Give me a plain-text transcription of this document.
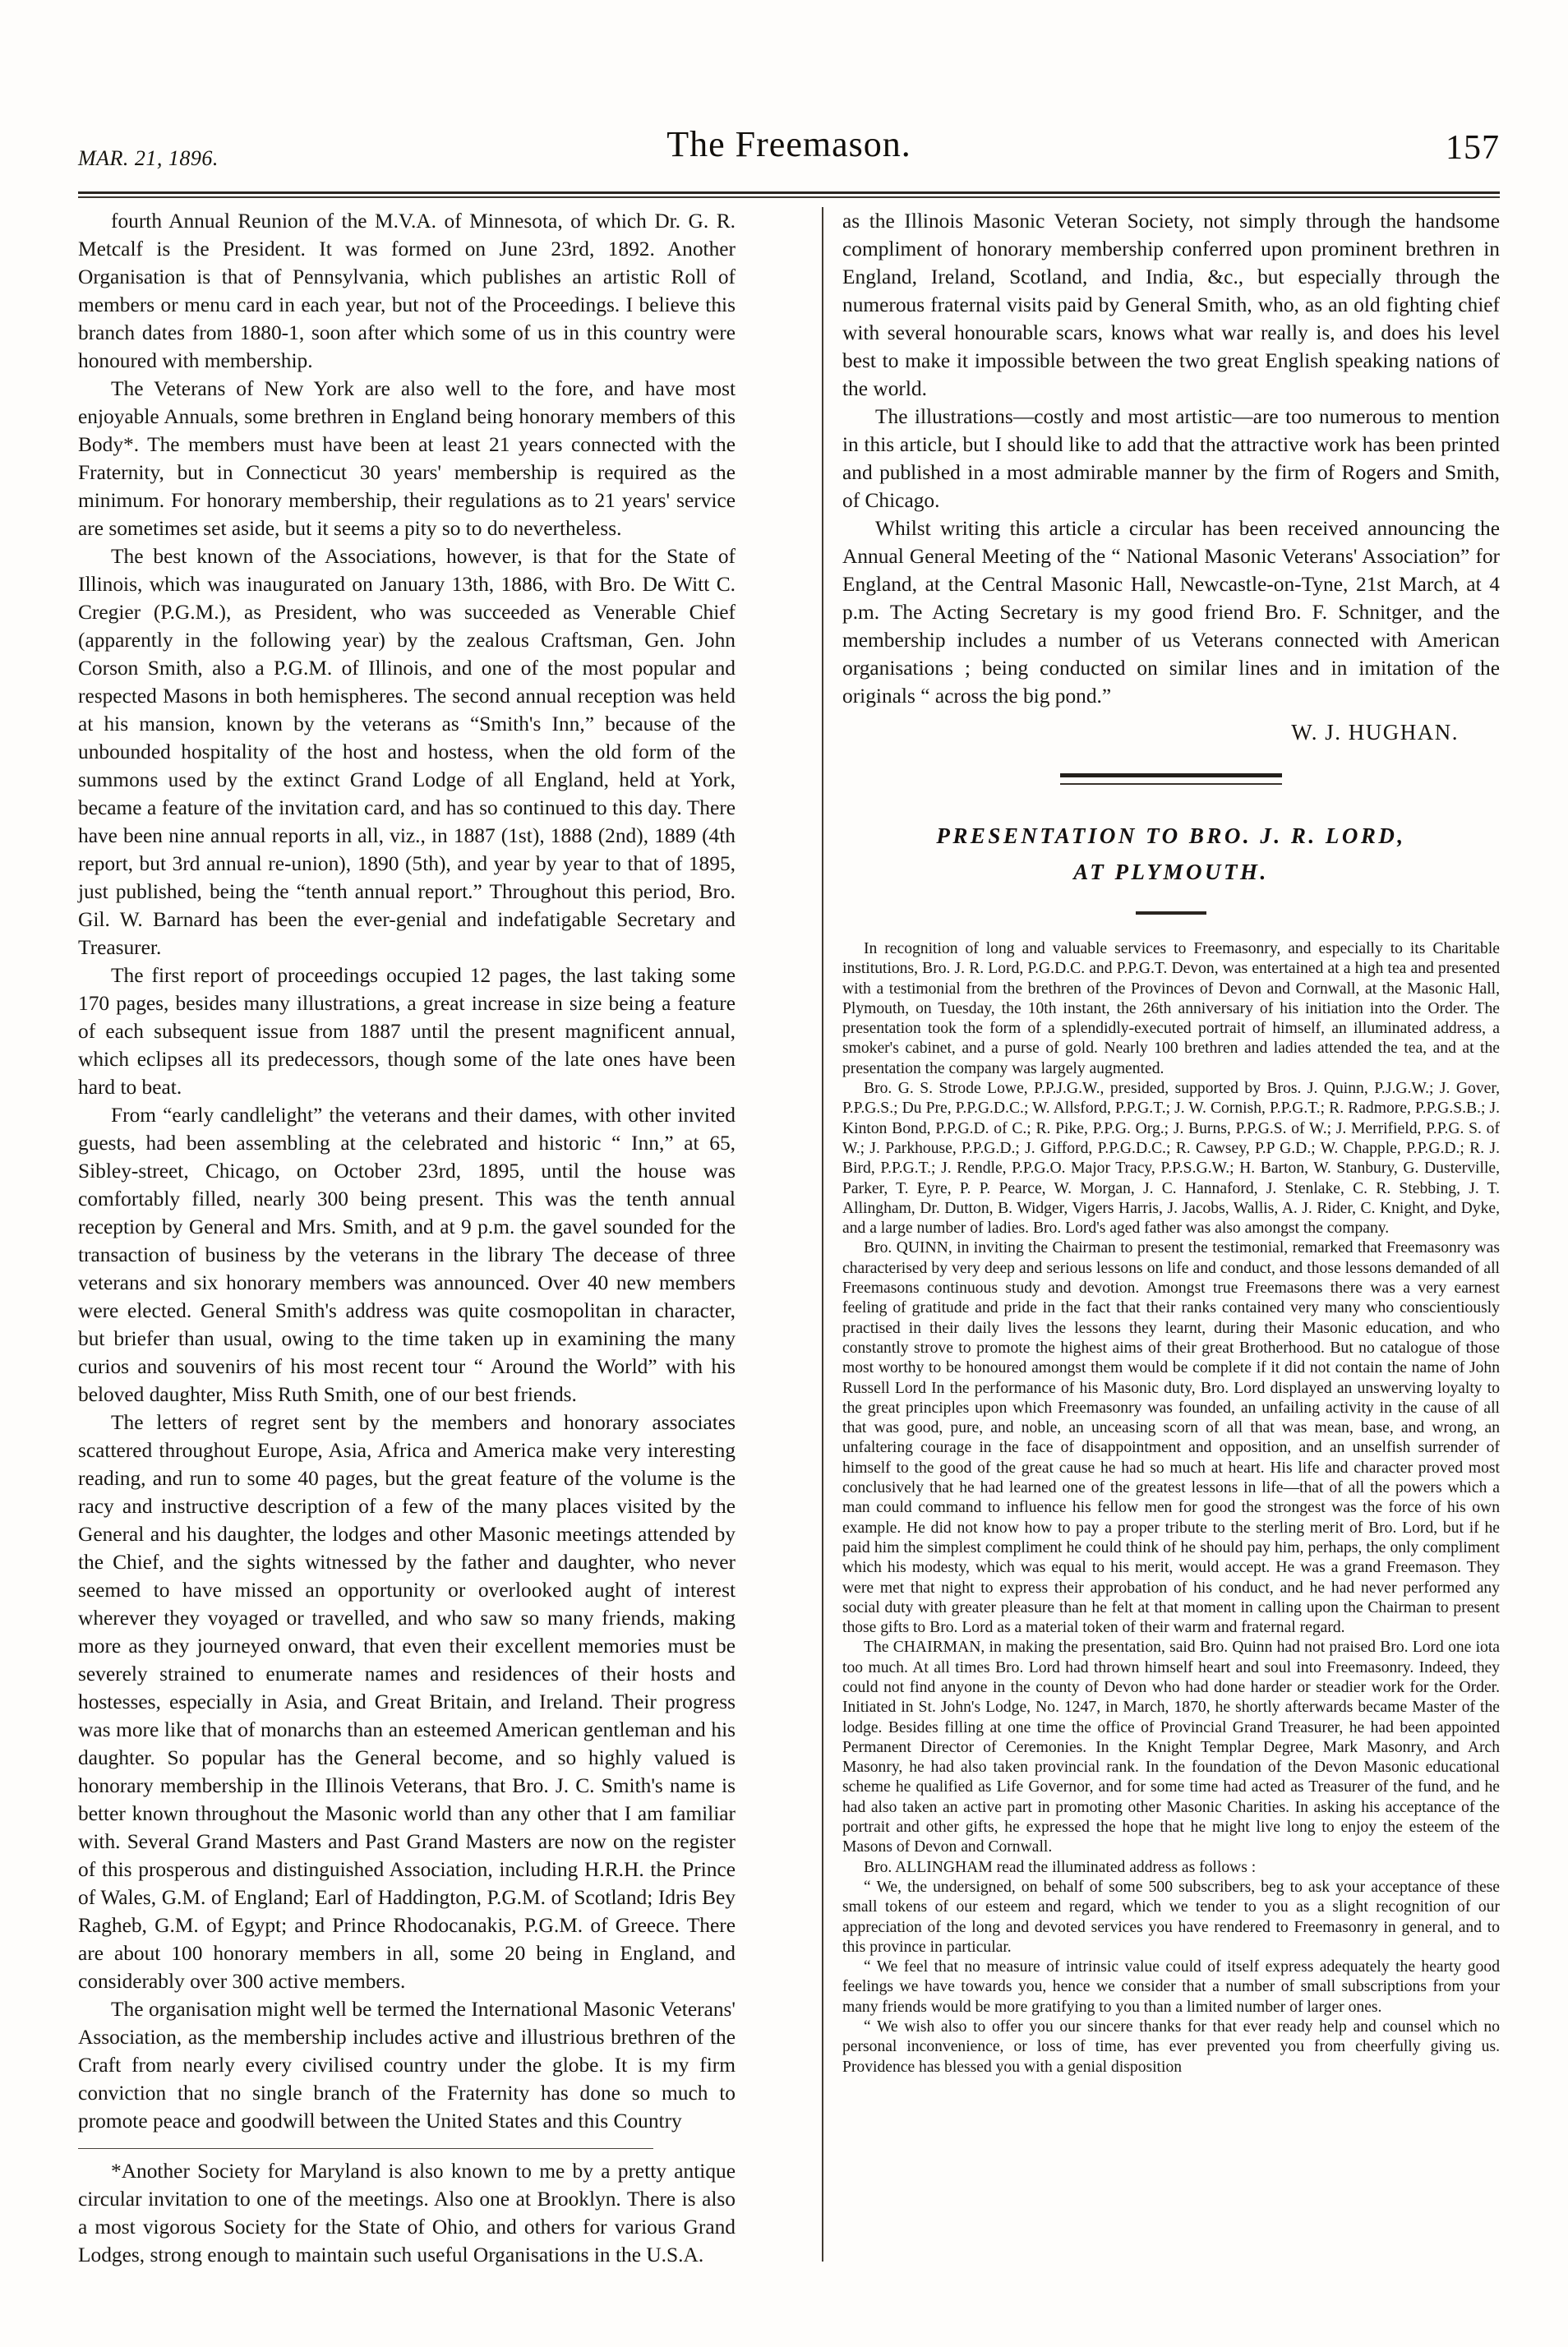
MAR. 21, 1896.	The Freemason.	157

fourth Annual Reunion of the M.V.A. of Minnesota, of which Dr. G. R. Metcalf is the President. It was formed on June 23rd, 1892. Another Organisation is that of Pennsylvania, which publishes an artistic Roll of members or menu card in each year, but not of the Proceedings. I believe this branch dates from 1880-1, soon after which some of us in this country were honoured with membership.

The Veterans of New York are also well to the fore, and have most enjoyable Annuals, some brethren in England being honorary members of this Body*. The members must have been at least 21 years connected with the Fraternity, but in Connecticut 30 years' membership is required as the minimum. For honorary membership, their regulations as to 21 years' service are sometimes set aside, but it seems a pity so to do nevertheless.

The best known of the Associations, however, is that for the State of Illinois, which was inaugurated on January 13th, 1886, with Bro. De Witt C. Cregier (P.G.M.), as President, who was succeeded as Venerable Chief (apparently in the following year) by the zealous Craftsman, Gen. John Corson Smith, also a P.G.M. of Illinois, and one of the most popular and respected Masons in both hemispheres. The second annual reception was held at his mansion, known by the veterans as “Smith's Inn,” because of the unbounded hospitality of the host and hostess, when the old form of the summons used by the extinct Grand Lodge of all England, held at York, became a feature of the invitation card, and has so continued to this day. There have been nine annual reports in all, viz., in 1887 (1st), 1888 (2nd), 1889 (4th report, but 3rd annual re-union), 1890 (5th), and year by year to that of 1895, just published, being the “tenth annual report.” Throughout this period, Bro. Gil. W. Barnard has been the ever-genial and indefatigable Secretary and Treasurer.

The first report of proceedings occupied 12 pages, the last taking some 170 pages, besides many illustrations, a great increase in size being a feature of each subsequent issue from 1887 until the present magnificent annual, which eclipses all its predecessors, though some of the late ones have been hard to beat.

From “early candlelight” the veterans and their dames, with other invited guests, had been assembling at the celebrated and historic “ Inn,” at 65, Sibley-street, Chicago, on October 23rd, 1895, until the house was comfortably filled, nearly 300 being present. This was the tenth annual reception by General and Mrs. Smith, and at 9 p.m. the gavel sounded for the transaction of business by the veterans in the library The decease of three veterans and six honorary members was announced. Over 40 new members were elected. General Smith's address was quite cosmopolitan in character, but briefer than usual, owing to the time taken up in examining the many curios and souvenirs of his most recent tour “ Around the World” with his beloved daughter, Miss Ruth Smith, one of our best friends.

The letters of regret sent by the members and honorary associates scattered throughout Europe, Asia, Africa and America make very interesting reading, and run to some 40 pages, but the great feature of the volume is the racy and instructive description of a few of the many places visited by the General and his daughter, the lodges and other Masonic meetings attended by the Chief, and the sights witnessed by the father and daughter, who never seemed to have missed an opportunity or overlooked aught of interest wherever they voyaged or travelled, and who saw so many friends, making more as they journeyed onward, that even their excellent memories must be severely strained to enumerate names and residences of their hosts and hostesses, especially in Asia, and Great Britain, and Ireland. Their progress was more like that of monarchs than an esteemed American gentleman and his daughter. So popular has the General become, and so highly valued is honorary membership in the Illinois Veterans, that Bro. J. C. Smith's name is better known throughout the Masonic world than any other that I am familiar with. Several Grand Masters and Past Grand Masters are now on the register of this prosperous and distinguished Association, including H.R.H. the Prince of Wales, G.M. of England; Earl of Haddington, P.G.M. of Scotland; Idris Bey Ragheb, G.M. of Egypt; and Prince Rhodocanakis, P.G.M. of Greece. There are about 100 honorary members in all, some 20 being in England, and considerably over 300 active members.

The organisation might well be termed the International Masonic Veterans' Association, as the membership includes active and illustrious brethren of the Craft from nearly every civilised country under the globe. It is my firm conviction that no single branch of the Fraternity has done so much to promote peace and goodwill between the United States and this Country

*Another Society for Maryland is also known to me by a pretty antique circular invitation to one of the meetings. Also one at Brooklyn. There is also a most vigorous Society for the State of Ohio, and others for various Grand Lodges, strong enough to maintain such useful Organisations in the U.S.A.

as the Illinois Masonic Veteran Society, not simply through the handsome compliment of honorary membership conferred upon prominent brethren in England, Ireland, Scotland, and India, &c., but especially through the numerous fraternal visits paid by General Smith, who, as an old fighting chief with several honourable scars, knows what war really is, and does his level best to make it impossible between the two great English speaking nations of the world.

The illustrations—costly and most artistic—are too numerous to mention in this article, but I should like to add that the attractive work has been printed and published in a most admirable manner by the firm of Rogers and Smith, of Chicago.

Whilst writing this article a circular has been received announcing the Annual General Meeting of the “ National Masonic Veterans' Association” for England, at the Central Masonic Hall, Newcastle-on-Tyne, 21st March, at 4 p.m. The Acting Secretary is my good friend Bro. F. Schnitger, and the membership includes a number of us Veterans connected with American organisations ; being conducted on similar lines and in imitation of the originals “ across the big pond.”

W. J. HUGHAN.
PRESENTATION TO BRO. J. R. LORD,
AT PLYMOUTH.

In recognition of long and valuable services to Freemasonry, and especially to its Charitable institutions, Bro. J. R. Lord, P.G.D.C. and P.P.G.T. Devon, was entertained at a high tea and presented with a testimonial from the brethren of the Provinces of Devon and Cornwall, at the Masonic Hall, Plymouth, on Tuesday, the 10th instant, the 26th anniversary of his initiation into the Order. The presentation took the form of a splendidly-executed portrait of himself, an illuminated address, a smoker's cabinet, and a purse of gold. Nearly 100 brethren and ladies attended the tea, and at the presentation the company was largely augmented.

Bro. G. S. Strode Lowe, P.P.J.G.W., presided, supported by Bros. J. Quinn, P.J.G.W.; J. Gover, P.P.G.S.; Du Pre, P.P.G.D.C.; W. Allsford, P.P.G.T.; J. W. Cornish, P.P.G.T.; R. Radmore, P.P.G.S.B.; J. Kinton Bond, P.P.G.D. of C.; R. Pike, P.P.G. Org.; J. Burns, P.P.G.S. of W.; J. Merrifield, P.P.G. S. of W.; J. Parkhouse, P.P.G.D.; J. Gifford, P.P.G.D.C.; R. Cawsey, P.P G.D.; W. Chapple, P.P.G.D.; R. J. Bird, P.P.G.T.; J. Rendle, P.P.G.O. Major Tracy, P.P.S.G.W.; H. Barton, W. Stanbury, G. Dusterville, Parker, T. Eyre, P. P. Pearce, W. Morgan, J. C. Hannaford, J. Stenlake, C. R. Stebbing, J. T. Allingham, Dr. Dutton, B. Widger, Vigers Harris, J. Jacobs, Wallis, A. J. Rider, C. Knight, and Dyke, and a large number of ladies. Bro. Lord's aged father was also amongst the company.

Bro. QUINN, in inviting the Chairman to present the testimonial, remarked that Freemasonry was characterised by very deep and serious lessons on life and conduct, and those lessons demanded of all Freemasons continuous study and devotion. Amongst true Freemasons there was a very earnest feeling of gratitude and pride in the fact that their ranks contained very many who conscientiously practised in their daily lives the lessons they learnt, during their Masonic education, and who constantly strove to promote the highest aims of their great Brotherhood. But no catalogue of those most worthy to be honoured amongst them would be complete if it did not contain the name of John Russell Lord In the performance of his Masonic duty, Bro. Lord displayed an unswerving loyalty to the great principles upon which Freemasonry was founded, an unfailing activity in the cause of all that was good, pure, and noble, an unceasing scorn of all that was mean, base, and wrong, an unfaltering courage in the face of disappointment and opposition, and an unselfish surrender of himself to the good of the great cause he had so much at heart. His life and character proved most conclusively that he had learned one of the greatest lessons in life—that of all the powers which a man could command to influence his fellow men for good the strongest was the force of his own example. He did not know how to pay a proper tribute to the sterling merit of Bro. Lord, but if he paid him the simplest compliment he could think of he should pay him, perhaps, the only compliment which his modesty, which was equal to his merit, would accept. He was a grand Freemason. They were met that night to express their approbation of his conduct, and he had never performed any social duty with greater pleasure than he felt at that moment in calling upon the Chairman to present those gifts to Bro. Lord as a material token of their warm and fraternal regard.

The CHAIRMAN, in making the presentation, said Bro. Quinn had not praised Bro. Lord one iota too much. At all times Bro. Lord had thrown himself heart and soul into Freemasonry. Indeed, they could not find anyone in the county of Devon who had done harder or steadier work for the Order. Initiated in St. John's Lodge, No. 1247, in March, 1870, he shortly afterwards became Master of the lodge. Besides filling at one time the office of Provincial Grand Treasurer, he had been appointed Permanent Director of Ceremonies. In the Knight Templar Degree, Mark Masonry, and Arch Masonry, he had also taken provincial rank. In the foundation of the Devon Masonic educational scheme he qualified as Life Governor, and for some time had acted as Treasurer of the fund, and he had also taken an active part in promoting other Masonic Charities. In asking his acceptance of the portrait and other gifts, he expressed the hope that he might live long to enjoy the esteem of the Masons of Devon and Cornwall.

Bro. ALLINGHAM read the illuminated address as follows :

“ We, the undersigned, on behalf of some 500 subscribers, beg to ask your acceptance of these small tokens of our esteem and regard, which we tender to you as a slight recognition of our appreciation of the long and devoted services you have rendered to Freemasonry in general, and to this province in particular.

“ We feel that no measure of intrinsic value could of itself express adequately the hearty good feelings we have towards you, hence we consider that a number of small subscriptions from your many friends would be more gratifying to you than a limited number of larger ones.

“ We wish also to offer you our sincere thanks for that ever ready help and counsel which no personal inconvenience, or loss of time, has ever prevented you from cheerfully giving us. Providence has blessed you with a genial disposition
